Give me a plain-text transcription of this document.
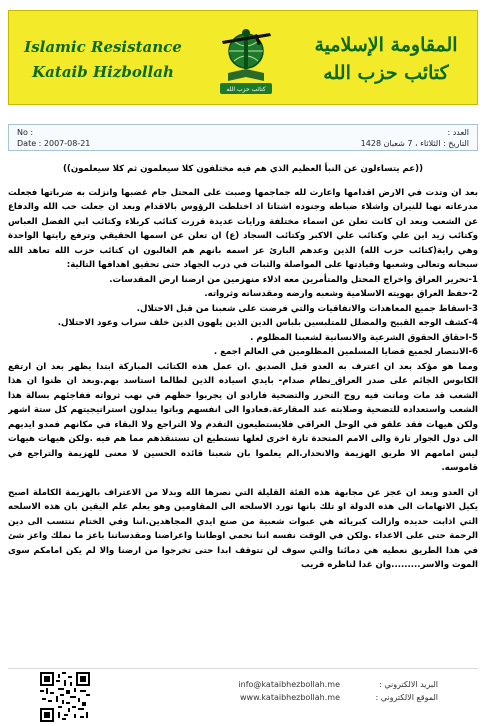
Islamic Resistance
Kataib Hizbollah
كتائب حزب الله
المقاومة الإسلامية
كتائب حزب الله
No :
Date : 2007-08-21
العدد :
التاريخ : الثلاثاء ، 7 شعبان 1428

((عم يتساءلون عن النبأ العظيم الذي هم فيه مختلفون كلا سيعلمون ثم كلا سيعلمون))

بعد ان وتدت في الارض اقدامها واعارت لله جماجمها وصبت على المحتل جام غضبها وانزلت به ضرباتها فجعلت مدرعاته نهبا للنيران واشلاء ضباطه وجنوده اشتاتا اذ اختلطت الرؤوس بالاقدام وبعد ان جعلت حب الله والدفاع عن الشعب وبعد ان كانت تعلن عن اسماء مختلفة ورايات عديدة قررت كتائب كربلاء وكتائب ابي الفضل العباس وكتائب زيد ابن علي وكتائب علي الاكبر وكتائب السجاد (ع) ان تعلن عن اسمها الحقيقي وترفع رايتها الواحدة وهي راية(كتائب حزب الله) الذين وعدهم البارئ عز اسمه بانهم هم الغالبون ان كتائب حزب الله تعاهد الله سبحانه وتعالى وشعبها وقيادتها على المواصلة والثبات في درب الجهاد حتى تحقيق اهدافها التالية:

1-تحرير العراق واخراج المحتل والمتأمرين معه اذلاء منهزمين من ارضنا ارض المقدسات.

2-حفظ العراق بهويته الاسلامية وشعبه وارضه ومقدساته وثرواته.

3-اسقاط جميع المعاهدات والاتفاقيات والتي فرضت على شعبنا من قبل الاحتلال.

4-كشف الوجه القبيح والمضلل للمتلبسين بلباس الدين الذين يلهون الذين خلف سراب وعود الاحتلال.

5-احقاق الحقوق الشرعية والانسانية لشعبنا المظلوم .

6-الانتصار لجميع قضايا المسلمين المظلومين في العالم اجمع .

ومما هو مؤكد بعد ان اعترف به العدو قبل الصديق .ان عمل هذه الكتائب المباركة ابتدا يظهر بعد ان ارتفع الكابوس الجائم على صدر العراق_نظام صدام- بايدي اسياده الذين لطالما استاسد بهم.وبعد ان ظنوا ان هذا الشعب قد مات وماتت فيه روح التحرر والتضحية فارادو ان يجربوا حظهم في نهب ثرواته ففاجئهم بسالة هذا الشعب واستعداده للتضحية وصلابته عند المقارعة.فعادوا الى انفسهم وباتوا يبدلون استراتيجيتهم كل ستة اشهر ولكن هيهات فقد علقو في الوحل العراقي فلايستطيعون التقدم ولا التراجع ولا البقاء في مكانهم فمدو ايديهم الى دول الجوار تارة والى الامم المتحدة تارة اخرى لعلها تستطيع ان تستنقذهم مما هم فيه .ولكن هيهات هيهات ليس امامهم الا طريق الهزيمة والانحدار.الم يعلموا بان شعبنا قائده الحسين لا معنى للهزيمة والتراجع في قاموسه.

ان العدو وبعد ان عجز عن مجابهة هذه الفئة القليلة التي نصرها الله وبدلا من الاعتراف بالهزيمة الكاملة اصبح يكيل الاتهامات الى هذه الدولة او تلك بانها تورد الاسلحه الى المقاومين وهو يعلم علم اليقين بان هذه الاسلحه التي اذابت حديده وازالت كبريائه هي عبوات شعبية من صنع ايدي المجاهدين.اننا وفي الختام ننتسب الى دين الرحمة حتى على الاعداء .ولكن في الوقت نفسه اننا نحمي اوطاننا واعراضنا ومقدساتنا باعز ما نملك واعز شئ في هذا الطريق نعطيه هي دمائنا والتي سوف لن تتوقف ابدا حتى تخرجوا من ارضنا والا لم يكن امامكم سوى الموت والاسر.........وان غدا لناظره قريب

البريد الالكتروني :
info@kataibhezbollah.me
الموقع الالكتروني :
www.kataibhezbollah.me
